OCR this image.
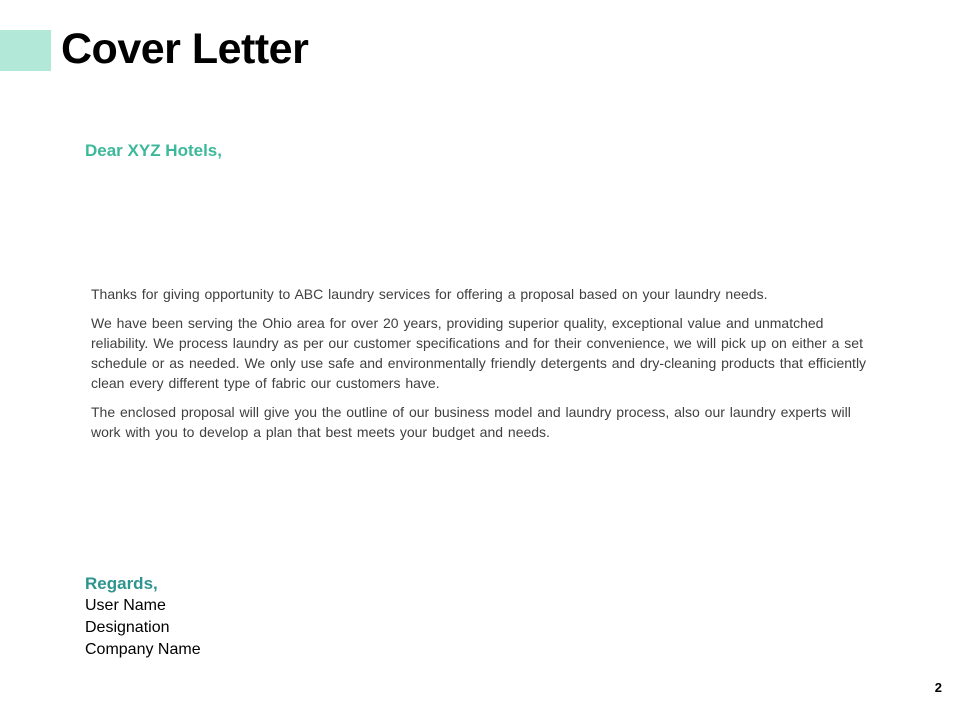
Cover Letter

Dear XYZ Hotels,

Thanks for giving opportunity to ABC laundry services for offering a proposal based on your laundry needs.

We have been serving the Ohio area for over 20 years, providing superior quality, exceptional value and unmatched reliability. We process laundry as per our customer specifications and for their convenience, we will pick up on either a set schedule or as needed. We only use safe and environmentally friendly detergents and dry-cleaning products that efficiently clean every different type of fabric our customers have.

The enclosed proposal will give you the outline of our business model and laundry process, also our laundry experts will work with you to develop a plan that best meets your budget and needs.

Regards,

User Name

Designation

Company Name

2
